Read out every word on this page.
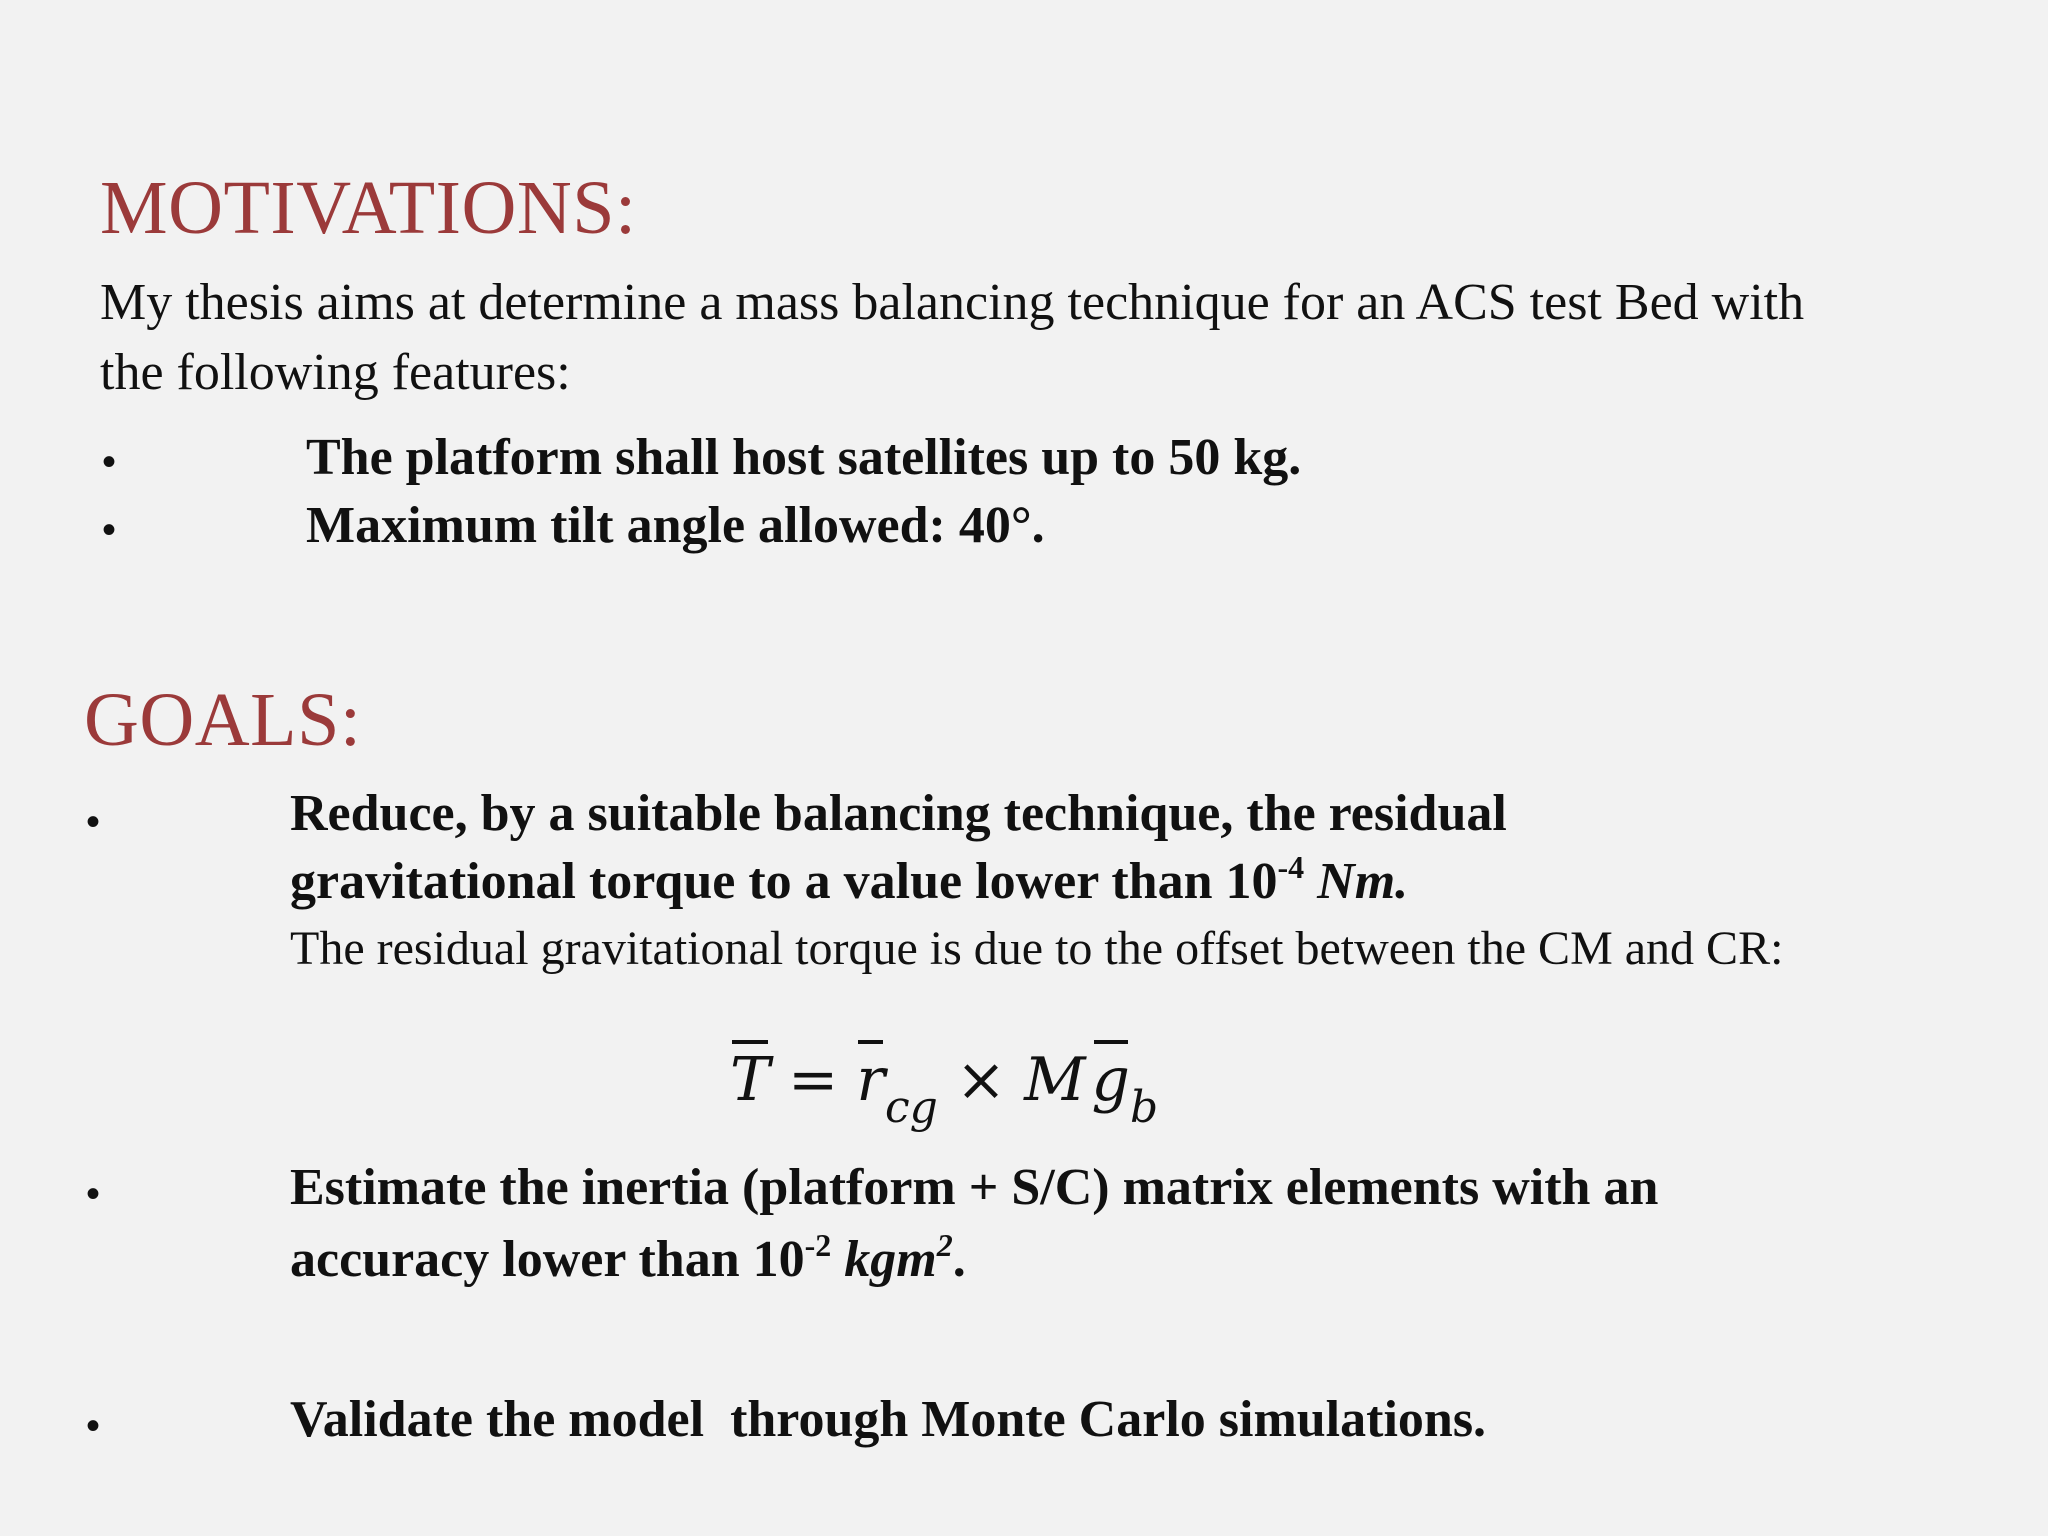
MOTIVATIONS:

My thesis aims at determine a mass balancing technique for an ACS test Bed with
the following features:

•	The platform shall host satellites up to 50 kg.
•	Maximum tilt angle allowed: 40°.
GOALS:
•	Reduce, by a suitable balancing technique, the residual
gravitational torque to a value lower than $10^{-4}$ Nm.
The residual gravitational torque is due to the offset between the CM and CR:
T = r
$_{cg}$ × M g
$_b$
•	Estimate the inertia (platform + S/C) matrix elements with an
accuracy lower than $10^{-2}$ kgm$^2$.
•	Validate the model  through Monte Carlo simulations.
